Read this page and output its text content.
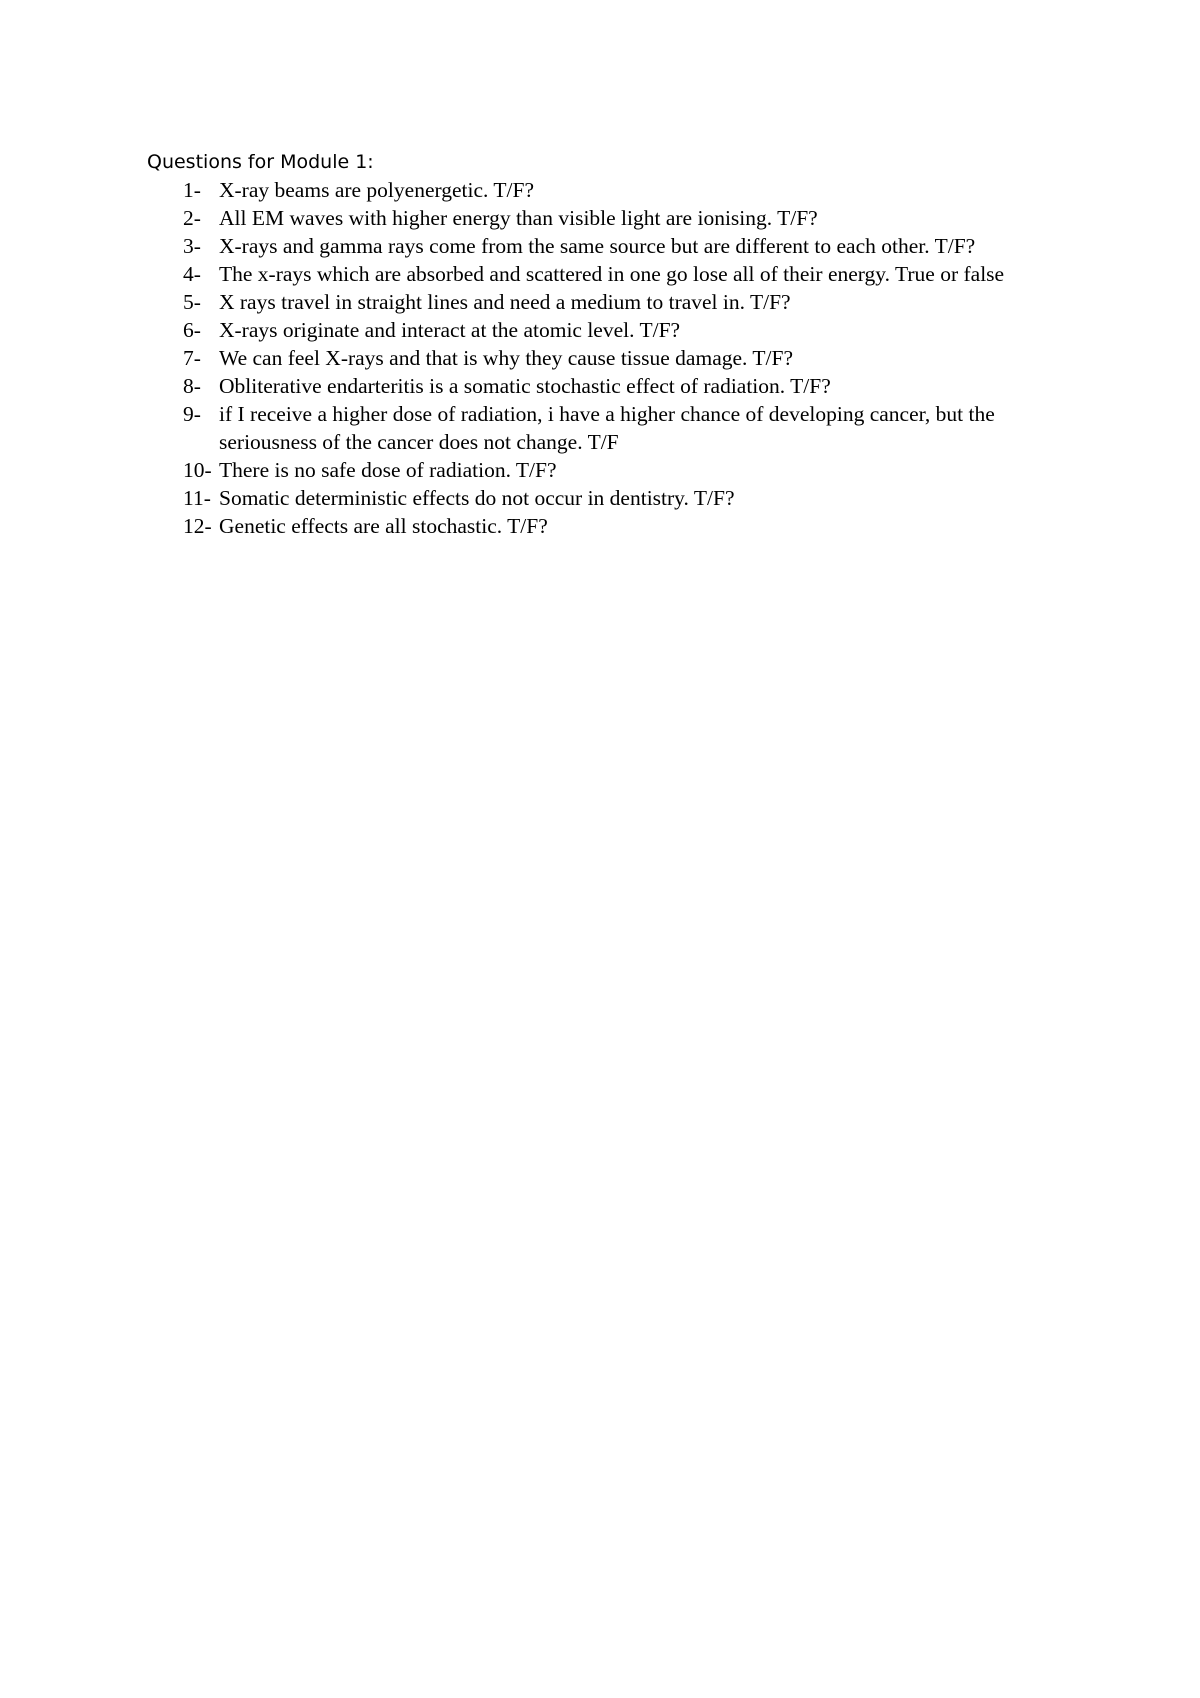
Questions for Module 1:
1- X-ray beams are polyenergetic. T/F?
2- All EM waves with higher energy than visible light are ionising. T/F?
3- X-rays and gamma rays come from the same source but are different to each other. T/F?
4- The x-rays which are absorbed and scattered in one go lose all of their energy. True or false
5- X rays travel in straight lines and need a medium to travel in. T/F?
6- X-rays originate and interact at the atomic level. T/F?
7- We can feel X-rays and that is why they cause tissue damage. T/F?
8- Obliterative endarteritis is a somatic stochastic effect of radiation. T/F?
9- if I receive a higher dose of radiation, i have a higher chance of developing cancer, but the seriousness of the cancer does not change. T/F
10- There is no safe dose of radiation. T/F?
11- Somatic deterministic effects do not occur in dentistry. T/F?
12- Genetic effects are all stochastic. T/F?
